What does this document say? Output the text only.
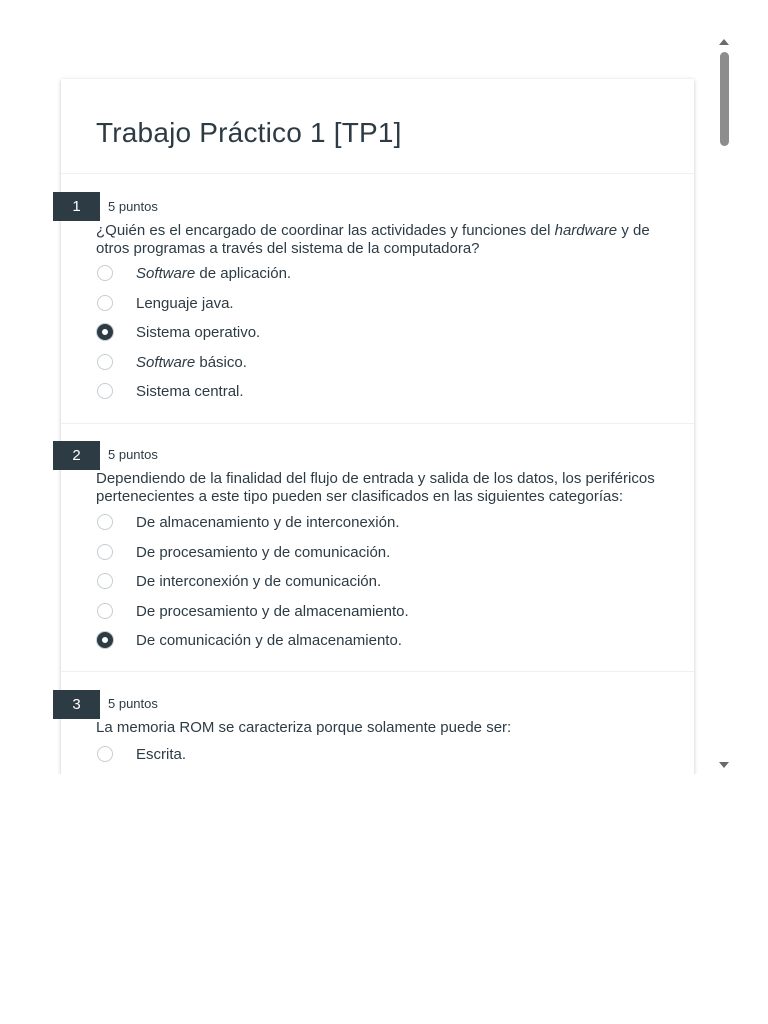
Trabajo Práctico 1 [TP1]
1	5 puntos
¿Quién es el encargado de coordinar las actividades y funciones del hardware y de otros programas a través del sistema de la computadora?
Software de aplicación.
Lenguaje java.
Sistema operativo.
Software básico.
Sistema central.
2	5 puntos
Dependiendo de la finalidad del flujo de entrada y salida de los datos, los periféricos pertenecientes a este tipo pueden ser clasificados en las siguientes categorías:
De almacenamiento y de interconexión.
De procesamiento y de comunicación.
De interconexión y de comunicación.
De procesamiento y de almacenamiento.
De comunicación y de almacenamiento.
3	5 puntos
La memoria ROM se caracteriza porque solamente puede ser:
Escrita.
